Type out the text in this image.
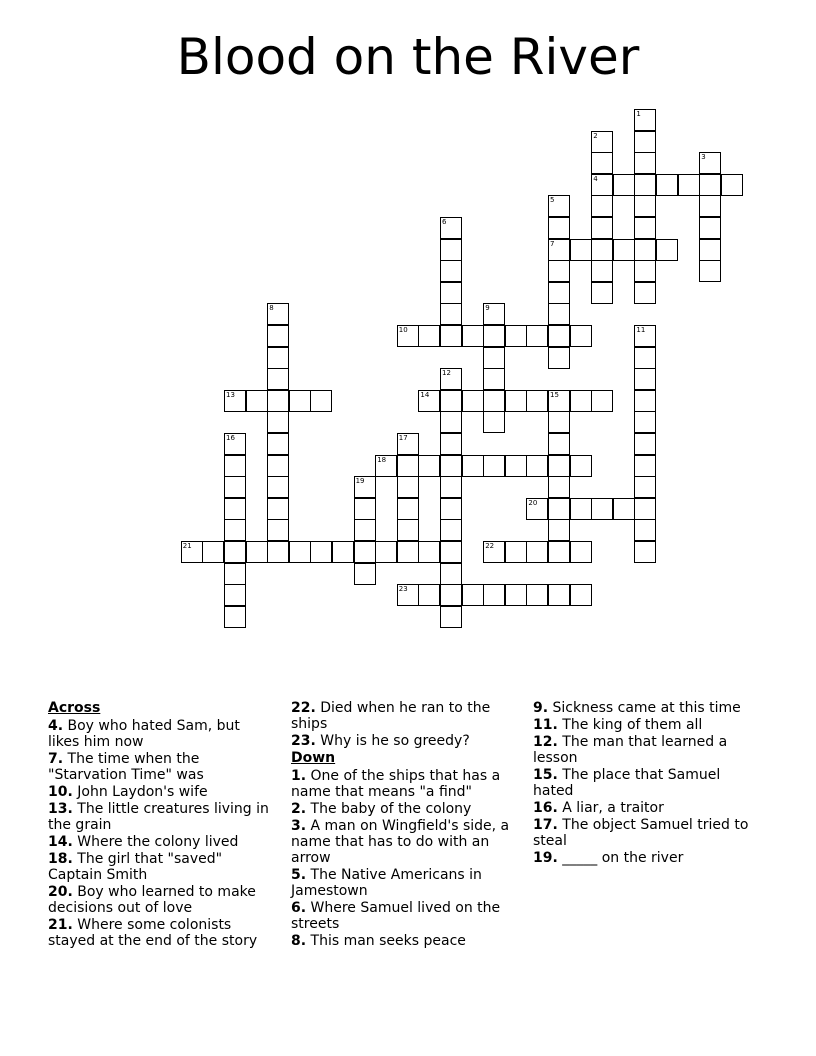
Blood on the River
1
2
4
3
5
7
6
8	9
10	11
12
13	14	15
16	17
18
19
20
21	22
23
Across
4. Boy who hated Sam, but likes him now
7. The time when the "Starvation Time" was
10. John Laydon's wife
13. The little creatures living in the grain
14. Where the colony lived
18. The girl that "saved" Captain Smith
20. Boy who learned to make decisions out of love
21. Where some colonists stayed at the end of the story
22. Died when he ran to the ships
23. Why is he so greedy?
Down
1. One of the ships that has a name that means "a find"
2. The baby of the colony
3. A man on Wingfield's side, a name that has to do with an arrow
5. The Native Americans in Jamestown
6. Where Samuel lived on the streets
8. This man seeks peace
9. Sickness came at this time
11. The king of them all
12. The man that learned a lesson
15. The place that Samuel hated
16. A liar, a traitor
17. The object Samuel tried to steal
19. _____ on the river
